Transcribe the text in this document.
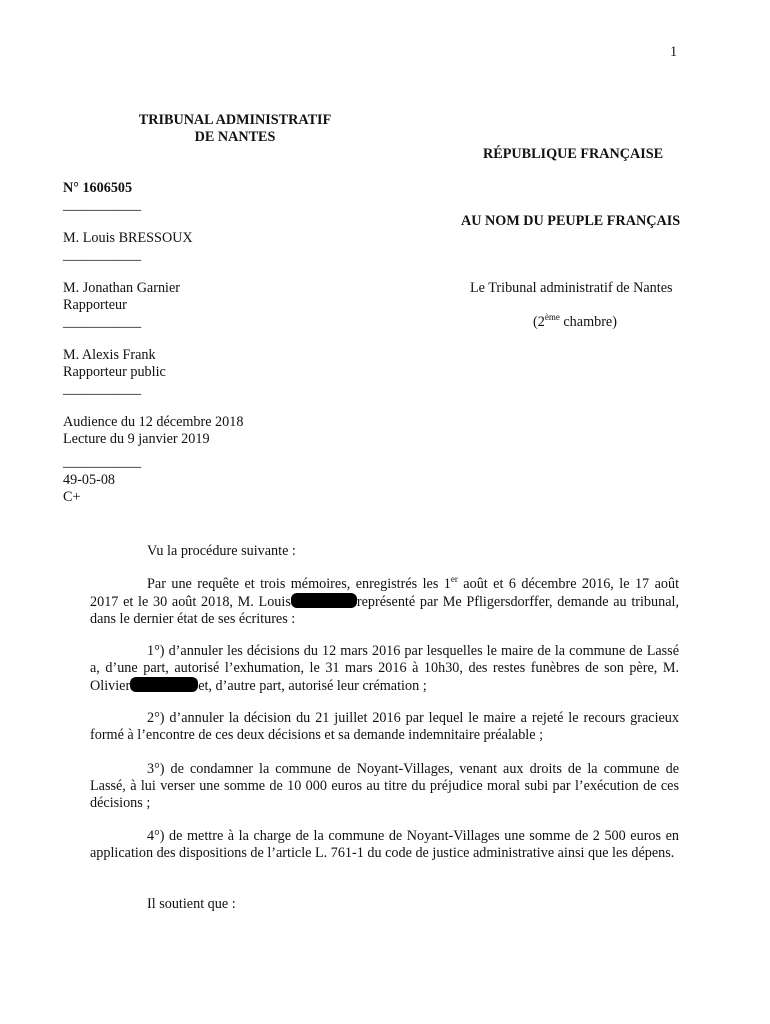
1
TRIBUNAL ADMINISTRATIF
DE NANTES
RÉPUBLIQUE FRANÇAISE
N° 1606505
___________
AU NOM DU PEUPLE FRANÇAIS
M. Louis BRESSOUX
___________
M. Jonathan Garnier
Rapporteur
___________
Le Tribunal administratif de Nantes
(2ème chambre)
M. Alexis Frank
Rapporteur public
___________
Audience du 12 décembre 2018
Lecture du 9 janvier 2019
___________
49-05-08
C+
Vu la procédure suivante :
Par une requête et trois mémoires, enregistrés les 1er août et 6 décembre 2016, le 17 août 2017 et le 30 août 2018, M. Louis	représenté par Me Pfligersdorffer, demande au tribunal, dans le dernier état de ses écritures :
1°) d’annuler les décisions du 12 mars 2016 par lesquelles le maire de la commune de Lassé a, d’une part, autorisé l’exhumation, le 31 mars 2016 à 10h30, des restes funèbres de son père, M. Olivier	et, d’autre part, autorisé leur crémation ;
2°) d’annuler la décision du 21 juillet 2016 par lequel le maire a rejeté le recours gracieux formé à l’encontre de ces deux décisions et sa demande indemnitaire préalable ;
3°) de condamner la commune de Noyant-Villages, venant aux droits de la commune de Lassé, à lui verser une somme de 10 000 euros au titre du préjudice moral subi par l’exécution de ces décisions ;
4°) de mettre à la charge de la commune de Noyant-Villages une somme de 2 500 euros en application des dispositions de l’article L. 761-1 du code de justice administrative ainsi que les dépens.
Il soutient que :
